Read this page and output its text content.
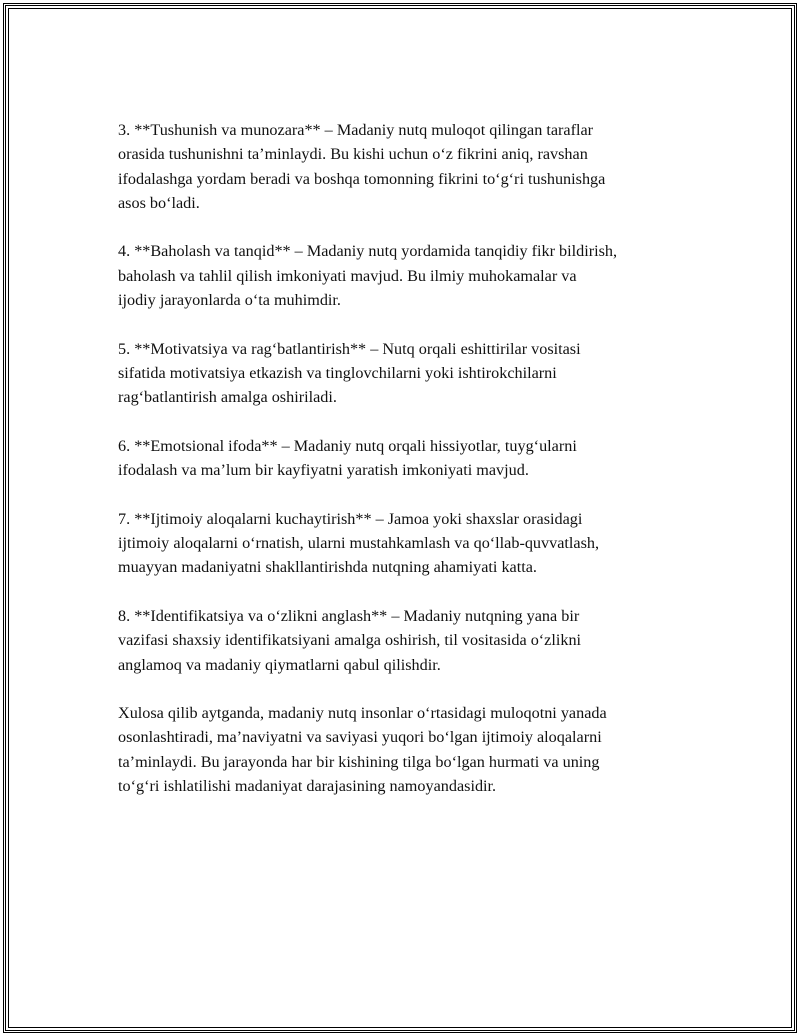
3. **Tushunish va munozara** – Madaniy nutq muloqot qilingan taraflar
orasida tushunishni ta’minlaydi. Bu kishi uchun o‘z fikrini aniq, ravshan
ifodalashga yordam beradi va boshqa tomonning fikrini to‘g‘ri tushunishga
asos bo‘ladi.

4. **Baholash va tanqid** – Madaniy nutq yordamida tanqidiy fikr bildirish,
baholash va tahlil qilish imkoniyati mavjud. Bu ilmiy muhokamalar va
ijodiy jarayonlarda o‘ta muhimdir.

5. **Motivatsiya va rag‘batlantirish** – Nutq orqali eshittirilar vositasi
sifatida motivatsiya etkazish va tinglovchilarni yoki ishtirokchilarni
rag‘batlantirish amalga oshiriladi.

6. **Emotsional ifoda** – Madaniy nutq orqali hissiyotlar, tuyg‘ularni
ifodalash va ma’lum bir kayfiyatni yaratish imkoniyati mavjud.

7. **Ijtimoiy aloqalarni kuchaytirish** – Jamoa yoki shaxslar orasidagi
ijtimoiy aloqalarni o‘rnatish, ularni mustahkamlash va qo‘llab-quvvatlash,
muayyan madaniyatni shakllantirishda nutqning ahamiyati katta.

8. **Identifikatsiya va o‘zlikni anglash** – Madaniy nutqning yana bir
vazifasi shaxsiy identifikatsiyani amalga oshirish, til vositasida o‘zlikni
anglamoq va madaniy qiymatlarni qabul qilishdir.

Xulosa qilib aytganda, madaniy nutq insonlar o‘rtasidagi muloqotni yanada
osonlashtiradi, ma’naviyatni va saviyasi yuqori bo‘lgan ijtimoiy aloqalarni
ta’minlaydi. Bu jarayonda har bir kishining tilga bo‘lgan hurmati va uning
to‘g‘ri ishlatilishi madaniyat darajasining namoyandasidir.
